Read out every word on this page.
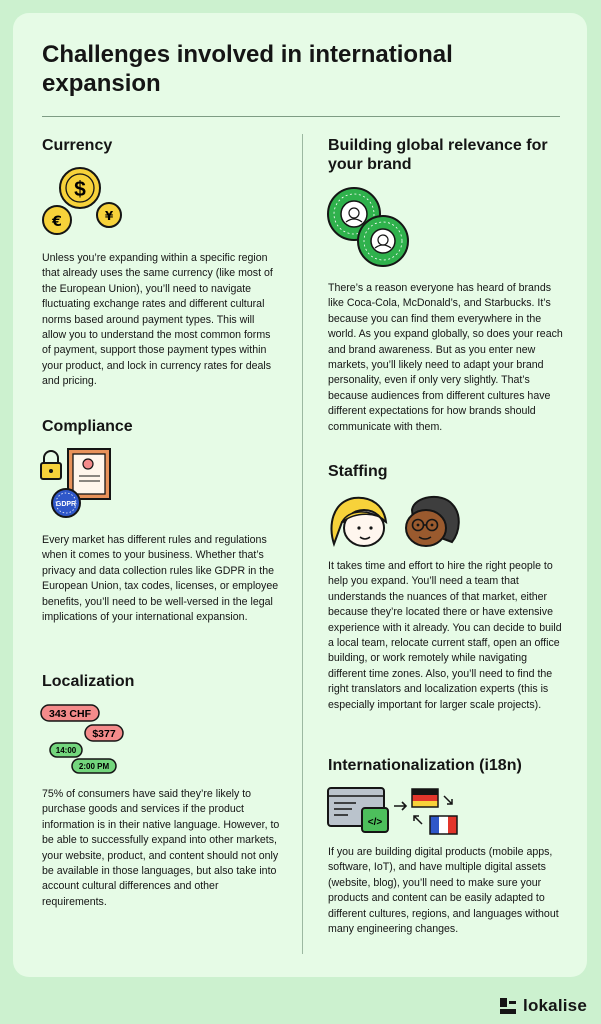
Challenges involved in international expansion
Currency
$
€	¥

Unless you’re expanding within a specific region that already uses the same currency (like most of the European Union), you’ll need to navigate fluctuating exchange rates and different cultural norms based around payment types. This will allow you to understand the most common forms of payment, support those payment types within your product, and lock in currency rates for deals and pricing.

Compliance
GDPR

Every market has different rules and regulations when it comes to your business. Whether that’s privacy and data collection rules like GDPR in the European Union, tax codes, licenses, or employee benefits, you’ll need to be well-versed in the legal implications of your international expansion.

Localization
343 CHF
$377
14:00
2:00 PM

75% of consumers have said they’re likely to purchase goods and services if the product information is in their native language. However, to be able to successfully expand into other markets, your website, product, and content should not only be available in those languages, but also take into account cultural differences and other requirements.

Building global relevance for your brand

There’s a reason everyone has heard of brands like Coca-Cola, McDonald’s, and Starbucks. It’s because you can find them everywhere in the world. As you expand globally, so does your reach and brand awareness. But as you enter new markets, you’ll likely need to adapt your brand personality, even if only very slightly. That’s because audiences from different cultures have different expectations for how brands should communicate with them.

Staffing

It takes time and effort to hire the right people to help you expand. You’ll need a team that understands the nuances of that market, either because they’re located there or have extensive experience with it already. You can decide to build a local team, relocate current staff, open an office building, or work remotely while navigating different time zones. Also, you’ll need to find the right translators and localization experts (this is especially important for larger scale projects).

Internationalization (i18n)
</>

If you are building digital products (mobile apps, software, IoT), and have multiple digital assets (website, blog), you’ll need to make sure your products and content can be easily adapted to different cultures, regions, and languages without many engineering changes.

lokalise
